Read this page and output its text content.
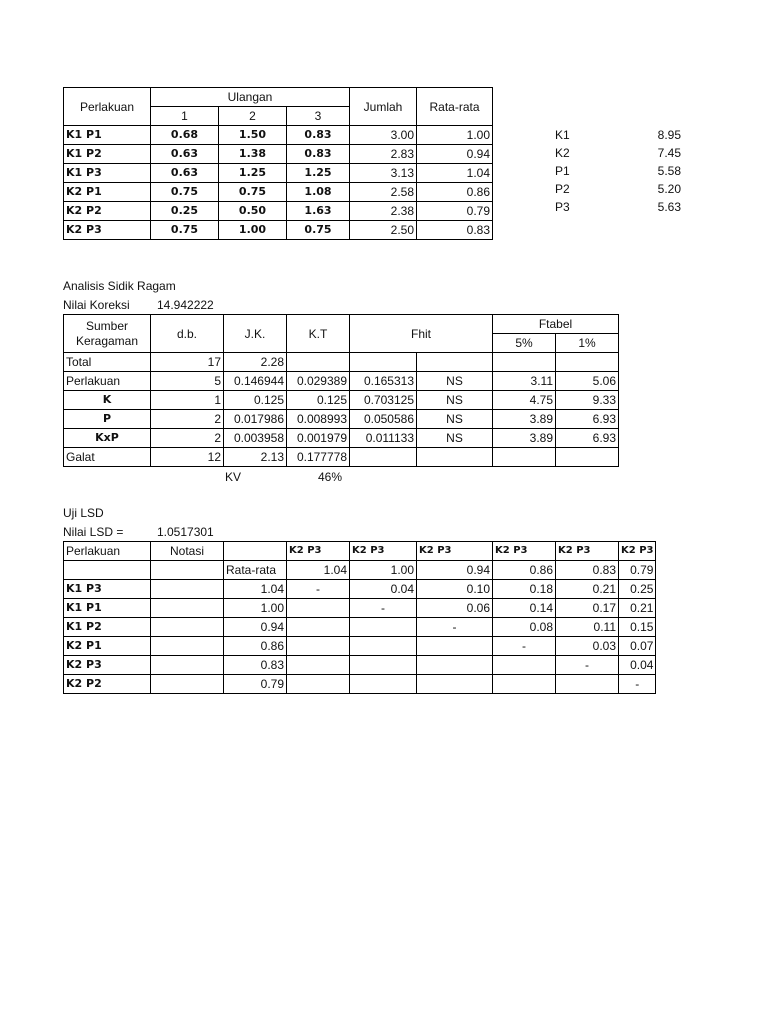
Perlakuan	Ulangan			Jumlah	Rata-rata
	1	2	3		
K1 P1	0.68	1.50	0.83	3.00	1.00
K1 P2	0.63	1.38	0.83	2.83	0.94
K1 P3	0.63	1.25	1.25	3.13	1.04
K2 P1	0.75	0.75	1.08	2.58	0.86
K2 P2	0.25	0.50	1.63	2.38	0.79
K2 P3	0.75	1.00	0.75	2.50	0.83
K1	8.95
K2	7.45
P1	5.58
P2	5.20
P3	5.63
Analisis Sidik Ragam
Nilai Koreksi 14.942222
Sumber
Keragaman	d.b.	J.K.	K.T	Fhit		Ftabel	
						5%	1%
Total	17	2.28					
Perlakuan	5	0.146944	0.029389	0.165313	NS	3.11	5.06
K	1	0.125	0.125	0.703125	NS	4.75	9.33
P	2	0.017986	0.008993	0.050586	NS	3.89	6.93
KxP	2	0.003958	0.001979	0.011133	NS	3.89	6.93
Galat	12	2.13	0.177778				
KV	46%
Uji LSD
Nilai LSD =	1.0517301
Perlakuan	Notasi		K2 P3	K2 P3	K2 P3	K2 P3	K2 P3	K2 P3
		Rata-rata	1.04	1.00	0.94	0.86	0.83	0.79
K1 P3		1.04	-	0.04	0.10	0.18	0.21	0.25
K1 P1		1.00		-	0.06	0.14	0.17	0.21
K1 P2		0.94			-	0.08	0.11	0.15
K2 P1		0.86				-	0.03	0.07
K2 P3		0.83					-	0.04
K2 P2		0.79						-
